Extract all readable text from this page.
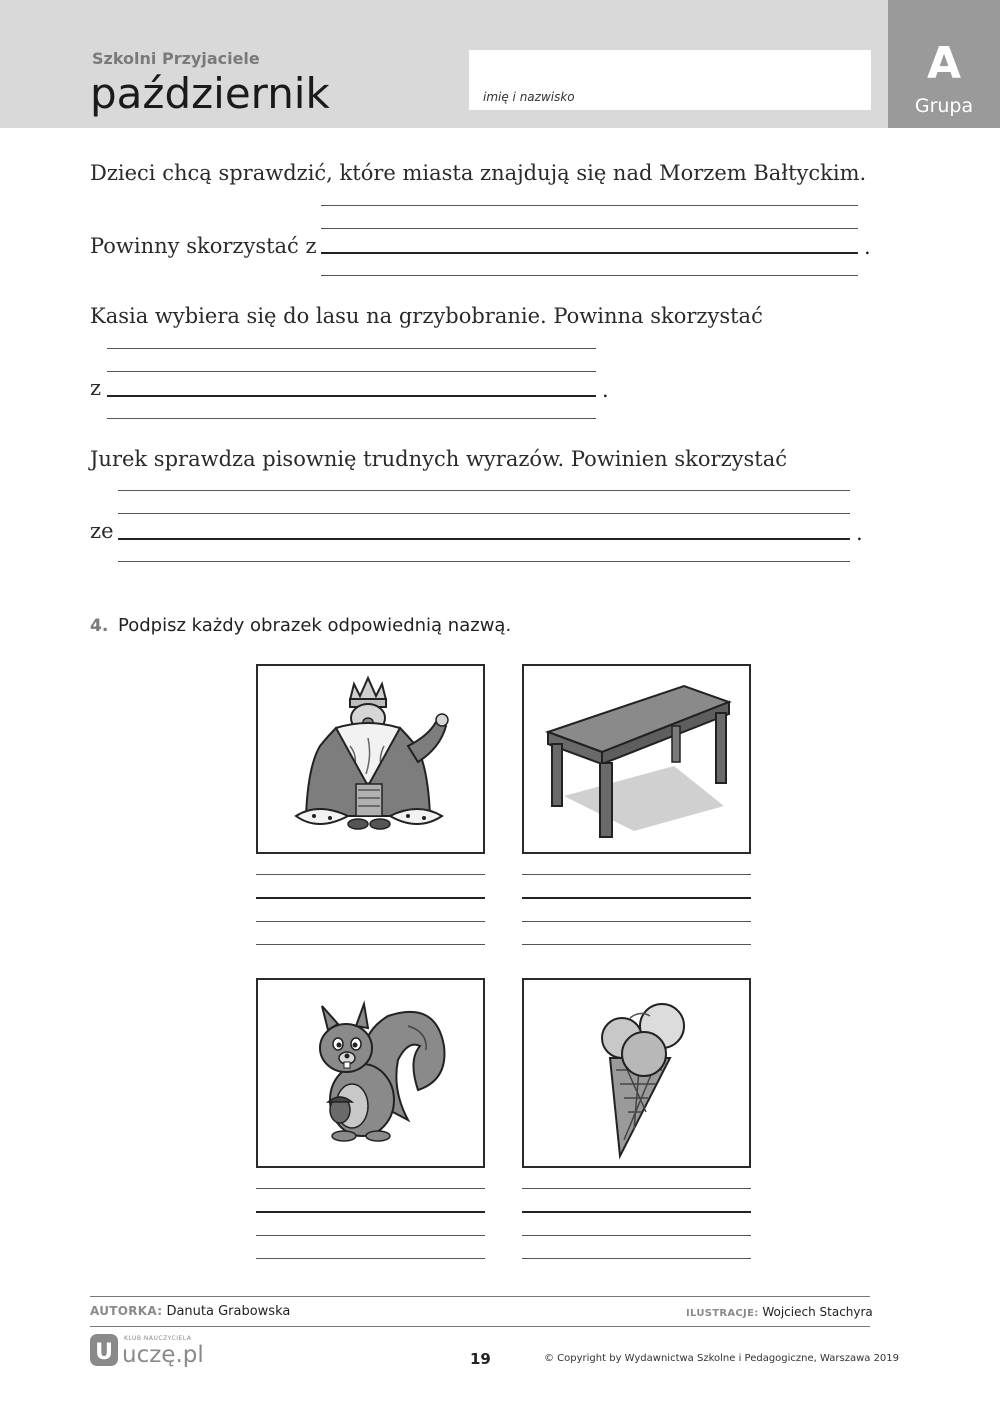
Szkolni Przyjaciele
październik	imię i nazwisko
A
Grupa
Dzieci chcą sprawdzić, które miasta znajdują się nad Morzem Bałtyckim.
Powinny skorzystać z	.
Kasia wybiera się do lasu na grzybobranie. Powinna skorzystać
z	.
Jurek sprawdza pisownię trudnych wyrazów. Powinien skorzystać
ze	.
4. Podpisz każdy obrazek odpowiednią nazwą.
AUTORKA: Danuta Grabowska	ILUSTRACJE: Wojciech Stachyra
U
KLUB NAUCZYCIELA
uczę.pl	19	© Copyright by Wydawnictwa Szkolne i Pedagogiczne, Warszawa 2019
